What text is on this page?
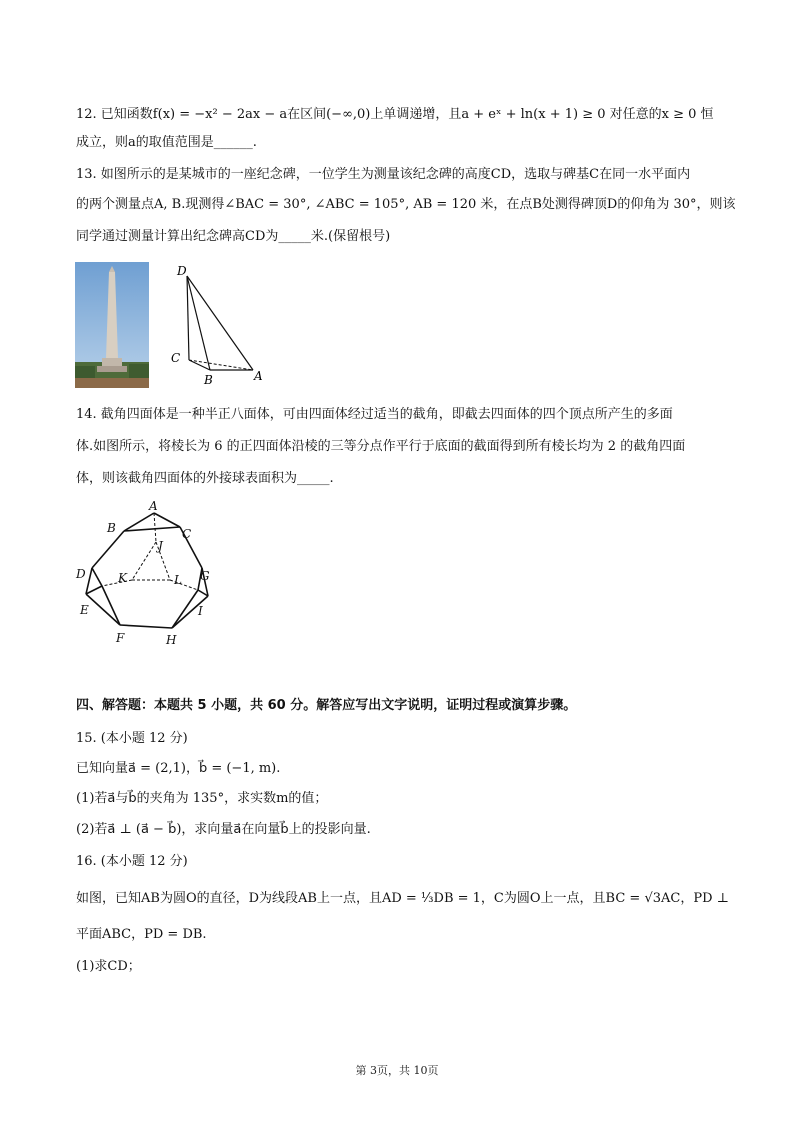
12. 已知函数f(x) = −x² − 2ax − a在区间(−∞,0)上单调递增，且a + eˣ + ln(x + 1) ≥ 0 对任意的x ≥ 0 恒
成立，则a的取值范围是______.
13. 如图所示的是某城市的一座纪念碑，一位学生为测量该纪念碑的高度CD，选取与碑基C在同一水平面内
的两个测量点A, B.现测得∠BAC = 30°, ∠ABC = 105°, AB = 120 米，在点B处测得碑顶D的仰角为 30°，则该
同学通过测量计算出纪念碑高CD为_____米.(保留根号)
D
C
B	A
14. 截角四面体是一种半正八面体，可由四面体经过适当的截角，即截去四面体的四个顶点所产生的多面
体.如图所示，将棱长为 6 的正四面体沿棱的三等分点作平行于底面的截面得到所有棱长均为 2 的截角四面
体，则该截角四面体的外接球表面积为_____.
A
B	C
J
D	K	L G
E	I
F	H
四、解答题：本题共 5 小题，共 60 分。解答应写出文字说明，证明过程或演算步骤。
15. (本小题 12 分)
已知向量a⃗ = (2,1)，b⃗ = (−1, m).
(1)若a⃗与b⃗的夹角为 135°，求实数m的值；
(2)若a⃗ ⊥ (a⃗ − b⃗)，求向量a⃗在向量b⃗上的投影向量.
16. (本小题 12 分)
如图，已知AB为圆O的直径，D为线段AB上一点，且AD = ⅓DB = 1，C为圆O上一点，且BC = √3AC，PD ⊥
平面ABC，PD = DB.
(1)求CD；
第 3页，共 10页
